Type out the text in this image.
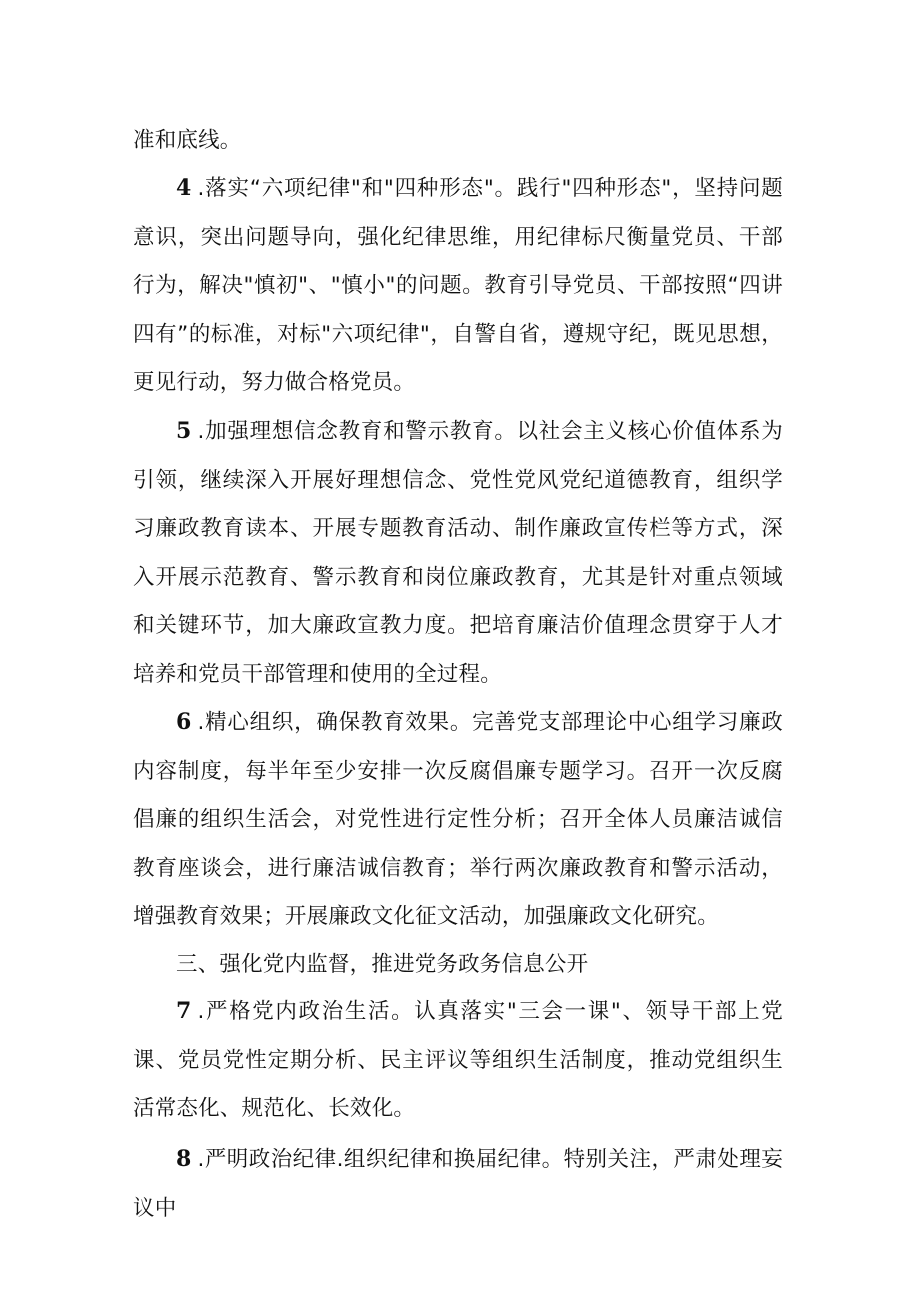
准和底线。

4 .落实“六项纪律"和"四种形态"。践行"四种形态"，坚持问题意识，突出问题导向，强化纪律思维，用纪律标尺衡量党员、干部行为，解决"慎初"、"慎小"的问题。教育引导党员、干部按照“四讲四有”的标准，对标"六项纪律"，自警自省，遵规守纪，既见思想，更见行动，努力做合格党员。

5 .加强理想信念教育和警示教育。以社会主义核心价值体系为引领，继续深入开展好理想信念、党性党风党纪道德教育，组织学习廉政教育读本、开展专题教育活动、制作廉政宣传栏等方式，深入开展示范教育、警示教育和岗位廉政教育，尤其是针对重点领域和关键环节，加大廉政宣教力度。把培育廉洁价值理念贯穿于人才培养和党员干部管理和使用的全过程。

6 .精心组织，确保教育效果。完善党支部理论中心组学习廉政内容制度，每半年至少安排一次反腐倡廉专题学习。召开一次反腐倡廉的组织生活会，对党性进行定性分析；召开全体人员廉洁诚信教育座谈会，进行廉洁诚信教育；举行两次廉政教育和警示活动，增强教育效果；开展廉政文化征文活动，加强廉政文化研究。

三、强化党内监督，推进党务政务信息公开

7 .严格党内政治生活。认真落实"三会一课"、领导干部上党课、党员党性定期分析、民主评议等组织生活制度，推动党组织生活常态化、规范化、长效化。

8 .严明政治纪律.组织纪律和换届纪律。特别关注，严肃处理妄议中
